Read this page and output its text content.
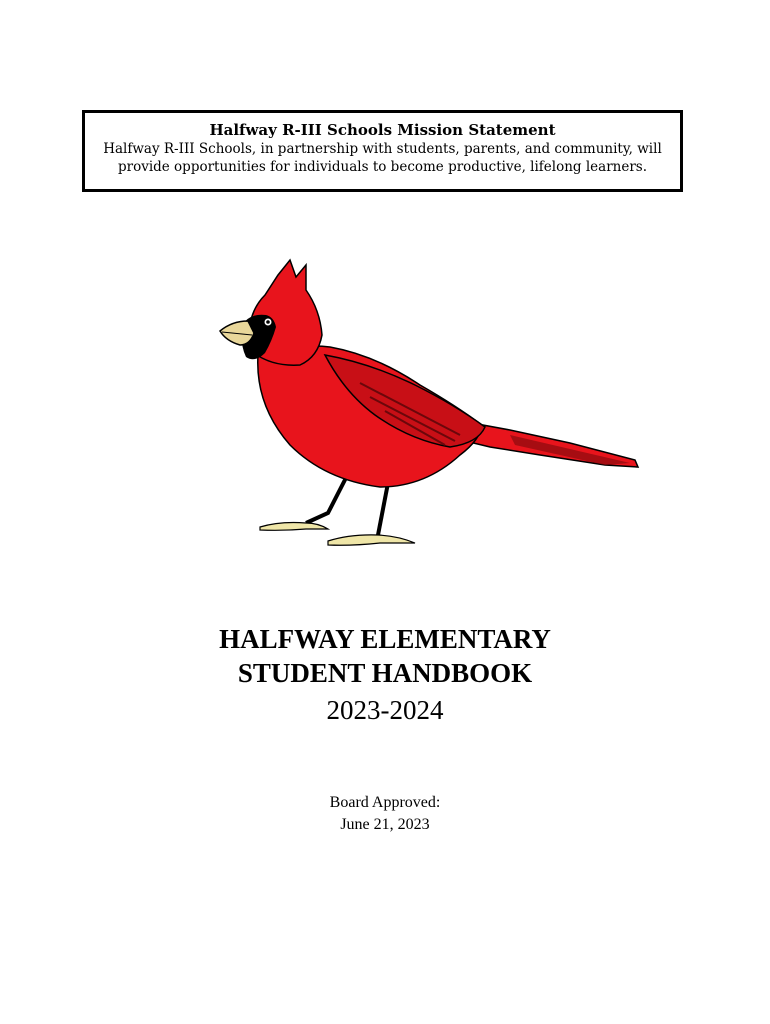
Halfway R-III Schools Mission Statement
Halfway R-III Schools, in partnership with students, parents, and community, will provide opportunities for individuals to become productive, lifelong learners.
HALFWAY ELEMENTARY
STUDENT HANDBOOK
2023-2024
Board Approved:
June 21, 2023
